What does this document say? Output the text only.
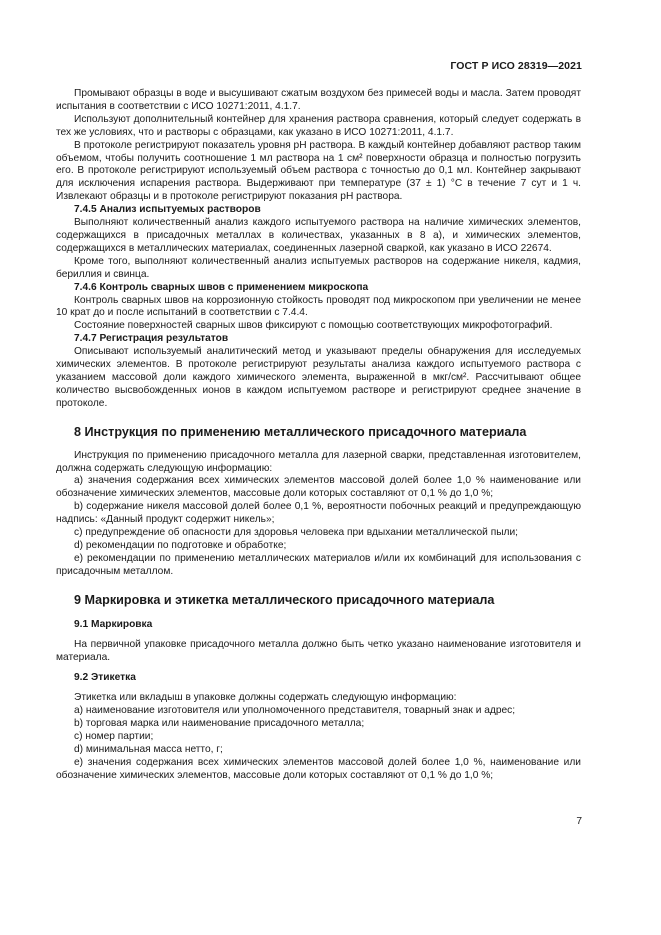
ГОСТ Р ИСО 28319—2021

Промывают образцы в воде и высушивают сжатым воздухом без примесей воды и масла. Затем проводят испытания в соответствии с ИСО 10271:2011, 4.1.7.

Используют дополнительный контейнер для хранения раствора сравнения, который следует содержать в тех же условиях, что и растворы с образцами, как указано в ИСО 10271:2011, 4.1.7.

В протоколе регистрируют показатель уровня pH раствора. В каждый контейнер добавляют раствор таким объемом, чтобы получить соотношение 1 мл раствора на 1 см² поверхности образца и полностью погрузить его. В протоколе регистрируют используемый объем раствора с точностью до 0,1 мл. Контейнер закрывают для исключения испарения раствора. Выдерживают при температуре (37 ± 1) °С в течение 7 сут и 1 ч. Извлекают образцы и в протоколе регистрируют показания pH раствора.

7.4.5 Анализ испытуемых растворов

Выполняют количественный анализ каждого испытуемого раствора на наличие химических элементов, содержащихся в присадочных металлах в количествах, указанных в 8 а), и химических элементов, содержащихся в металлических материалах, соединенных лазерной сваркой, как указано в ИСО 22674.

Кроме того, выполняют количественный анализ испытуемых растворов на содержание никеля, кадмия, бериллия и свинца.

7.4.6 Контроль сварных швов с применением микроскопа

Контроль сварных швов на коррозионную стойкость проводят под микроскопом при увеличении не менее 10 крат до и после испытаний в соответствии с 7.4.4.

Состояние поверхностей сварных швов фиксируют с помощью соответствующих микрофотографий.

7.4.7 Регистрация результатов

Описывают используемый аналитический метод и указывают пределы обнаружения для исследуемых химических элементов. В протоколе регистрируют результаты анализа каждого испытуемого раствора с указанием массовой доли каждого химического элемента, выраженной в мкг/см². Рассчитывают общее количество высвобожденных ионов в каждом испытуемом растворе и регистрируют среднее значение в протоколе.

8 Инструкция по применению металлического присадочного материала

Инструкция по применению присадочного металла для лазерной сварки, представленная изготовителем, должна содержать следующую информацию:

а) значения содержания всех химических элементов массовой долей более 1,0 % наименование или обозначение химических элементов, массовые доли которых составляют от 0,1 % до 1,0 %;

b) содержание никеля массовой долей более 0,1 %, вероятности побочных реакций и предупреждающую надпись: «Данный продукт содержит никель»;

c) предупреждение об опасности для здоровья человека при вдыхании металлической пыли;

d) рекомендации по подготовке и обработке;

e) рекомендации по применению металлических материалов и/или их комбинаций для использования с присадочным металлом.

9 Маркировка и этикетка металлического присадочного материала

9.1 Маркировка

На первичной упаковке присадочного металла должно быть четко указано наименование изготовителя и материала.

9.2 Этикетка

Этикетка или вкладыш в упаковке должны содержать следующую информацию:

а) наименование изготовителя или уполномоченного представителя, товарный знак и адрес;

b) торговая марка или наименование присадочного металла;

c) номер партии;

d) минимальная масса нетто, г;

e) значения содержания всех химических элементов массовой долей более 1,0 %, наименование или обозначение химических элементов, массовые доли которых составляют от 0,1 % до 1,0 %;

7
